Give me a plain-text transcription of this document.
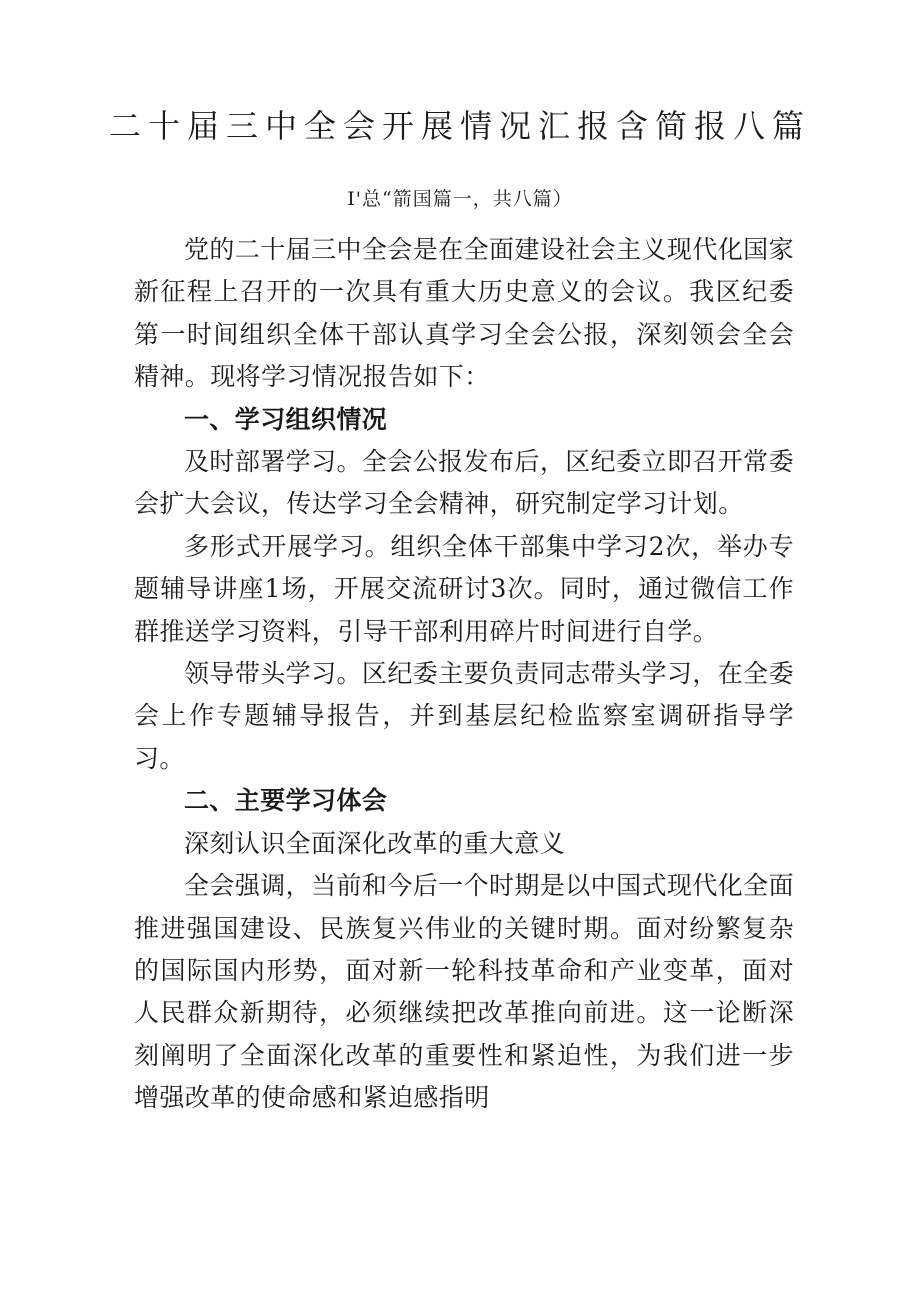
二十届三中全会开展情况汇报含简报八篇
I'总“箭国篇一，共八篇）

党的二十届三中全会是在全面建设社会主义现代化国家新征程上召开的一次具有重大历史意义的会议。我区纪委第一时间组织全体干部认真学习全会公报，深刻领会全会精神。现将学习情况报告如下：

一、学习组织情况

及时部署学习。全会公报发布后，区纪委立即召开常委会扩大会议，传达学习全会精神，研究制定学习计划。

多形式开展学习。组织全体干部集中学习2次，举办专题辅导讲座1场，开展交流研讨3次。同时，通过微信工作群推送学习资料，引导干部利用碎片时间进行自学。

领导带头学习。区纪委主要负责同志带头学习，在全委会上作专题辅导报告，并到基层纪检监察室调研指导学习。

二、主要学习体会

深刻认识全面深化改革的重大意义

全会强调，当前和今后一个时期是以中国式现代化全面推进强国建设、民族复兴伟业的关键时期。面对纷繁复杂的国际国内形势，面对新一轮科技革命和产业变革，面对人民群众新期待，必须继续把改革推向前进。这一论断深刻阐明了全面深化改革的重要性和紧迫性，为我们进一步增强改革的使命感和紧迫感指明
